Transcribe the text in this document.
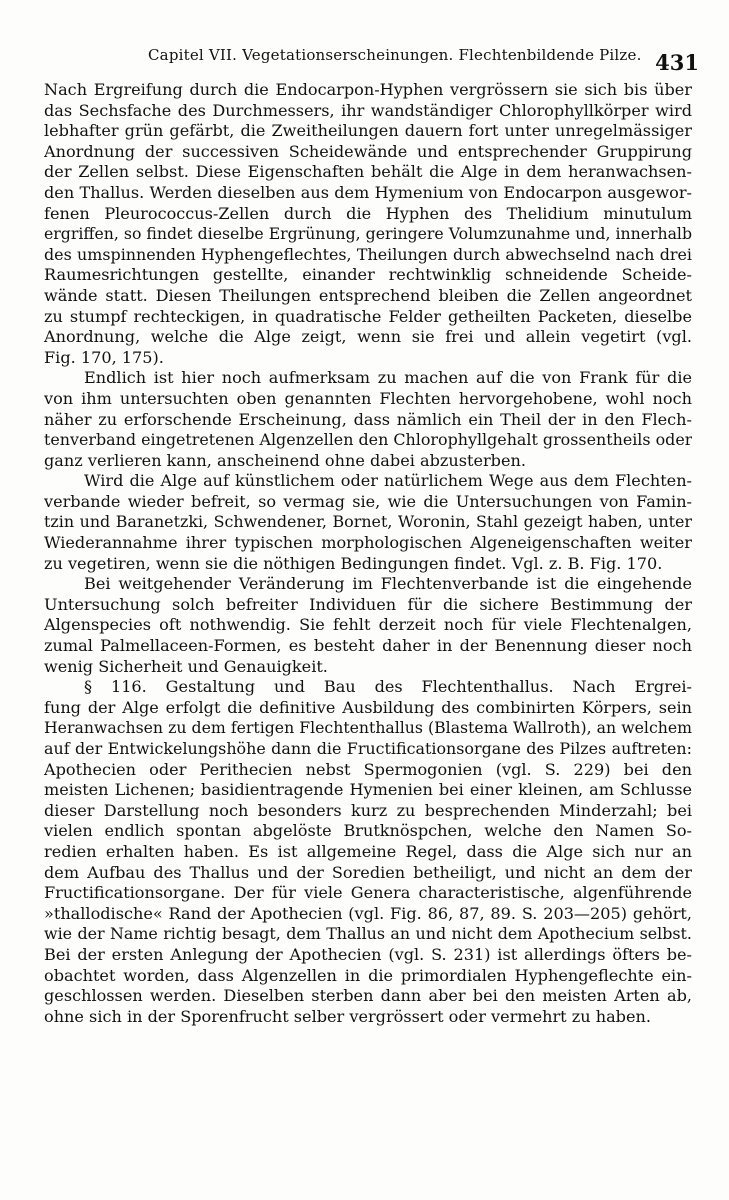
Capitel VII. Vegetationserscheinungen. Flechtenbildende Pilze. 431
Nach Ergreifung durch die Endocarpon-Hyphen vergrössern sie sich bis über
das Sechsfache des Durchmessers, ihr wandständiger Chlorophyllkörper wird
lebhafter grün gefärbt, die Zweitheilungen dauern fort unter unregelmässiger
Anordnung der successiven Scheidewände und entsprechender Gruppirung
der Zellen selbst. Diese Eigenschaften behält die Alge in dem heranwachsen-
den Thallus. Werden dieselben aus dem Hymenium von Endocarpon ausgewor-
fenen Pleurococcus-Zellen durch die Hyphen des Thelidium minutulum
ergriffen, so findet dieselbe Ergrünung, geringere Volumzunahme und, innerhalb
des umspinnenden Hyphengeflechtes, Theilungen durch abwechselnd nach drei
Raumesrichtungen gestellte, einander rechtwinklig schneidende Scheide-
wände statt. Diesen Theilungen entsprechend bleiben die Zellen angeordnet
zu stumpf rechteckigen, in quadratische Felder getheilten Packeten, dieselbe
Anordnung, welche die Alge zeigt, wenn sie frei und allein vegetirt (vgl.
Fig. 170, 175).
Endlich ist hier noch aufmerksam zu machen auf die von Frank für die
von ihm untersuchten oben genannten Flechten hervorgehobene, wohl noch
näher zu erforschende Erscheinung, dass nämlich ein Theil der in den Flech-
tenverband eingetretenen Algenzellen den Chlorophyllgehalt grossentheils oder
ganz verlieren kann, anscheinend ohne dabei abzusterben.
Wird die Alge auf künstlichem oder natürlichem Wege aus dem Flechten-
verbande wieder befreit, so vermag sie, wie die Untersuchungen von Famin-
tzin und Baranetzki, Schwendener, Bornet, Woronin, Stahl gezeigt haben, unter
Wiederannahme ihrer typischen morphologischen Algeneigenschaften weiter
zu vegetiren, wenn sie die nöthigen Bedingungen findet. Vgl. z. B. Fig. 170.
Bei weitgehender Veränderung im Flechtenverbande ist die eingehende
Untersuchung solch befreiter Individuen für die sichere Bestimmung der
Algenspecies oft nothwendig. Sie fehlt derzeit noch für viele Flechtenalgen,
zumal Palmellaceen-Formen, es besteht daher in der Benennung dieser noch
wenig Sicherheit und Genauigkeit.
§ 116. Gestaltung und Bau des Flechtenthallus. Nach Ergrei-
fung der Alge erfolgt die definitive Ausbildung des combinirten Körpers, sein
Heranwachsen zu dem fertigen Flechtenthallus (Blastema Wallroth), an welchem
auf der Entwickelungshöhe dann die Fructificationsorgane des Pilzes auftreten:
Apothecien oder Perithecien nebst Spermogonien (vgl. S. 229) bei den
meisten Lichenen; basidientragende Hymenien bei einer kleinen, am Schlusse
dieser Darstellung noch besonders kurz zu besprechenden Minderzahl; bei
vielen endlich spontan abgelöste Brutknöspchen, welche den Namen So-
redien erhalten haben. Es ist allgemeine Regel, dass die Alge sich nur an
dem Aufbau des Thallus und der Soredien betheiligt, und nicht an dem der
Fructificationsorgane. Der für viele Genera characteristische, algenführende
»thallodische« Rand der Apothecien (vgl. Fig. 86, 87, 89. S. 203—205) gehört,
wie der Name richtig besagt, dem Thallus an und nicht dem Apothecium selbst.
Bei der ersten Anlegung der Apothecien (vgl. S. 231) ist allerdings öfters be-
obachtet worden, dass Algenzellen in die primordialen Hyphengeflechte ein-
geschlossen werden. Dieselben sterben dann aber bei den meisten Arten ab,
ohne sich in der Sporenfrucht selber vergrössert oder vermehrt zu haben.
